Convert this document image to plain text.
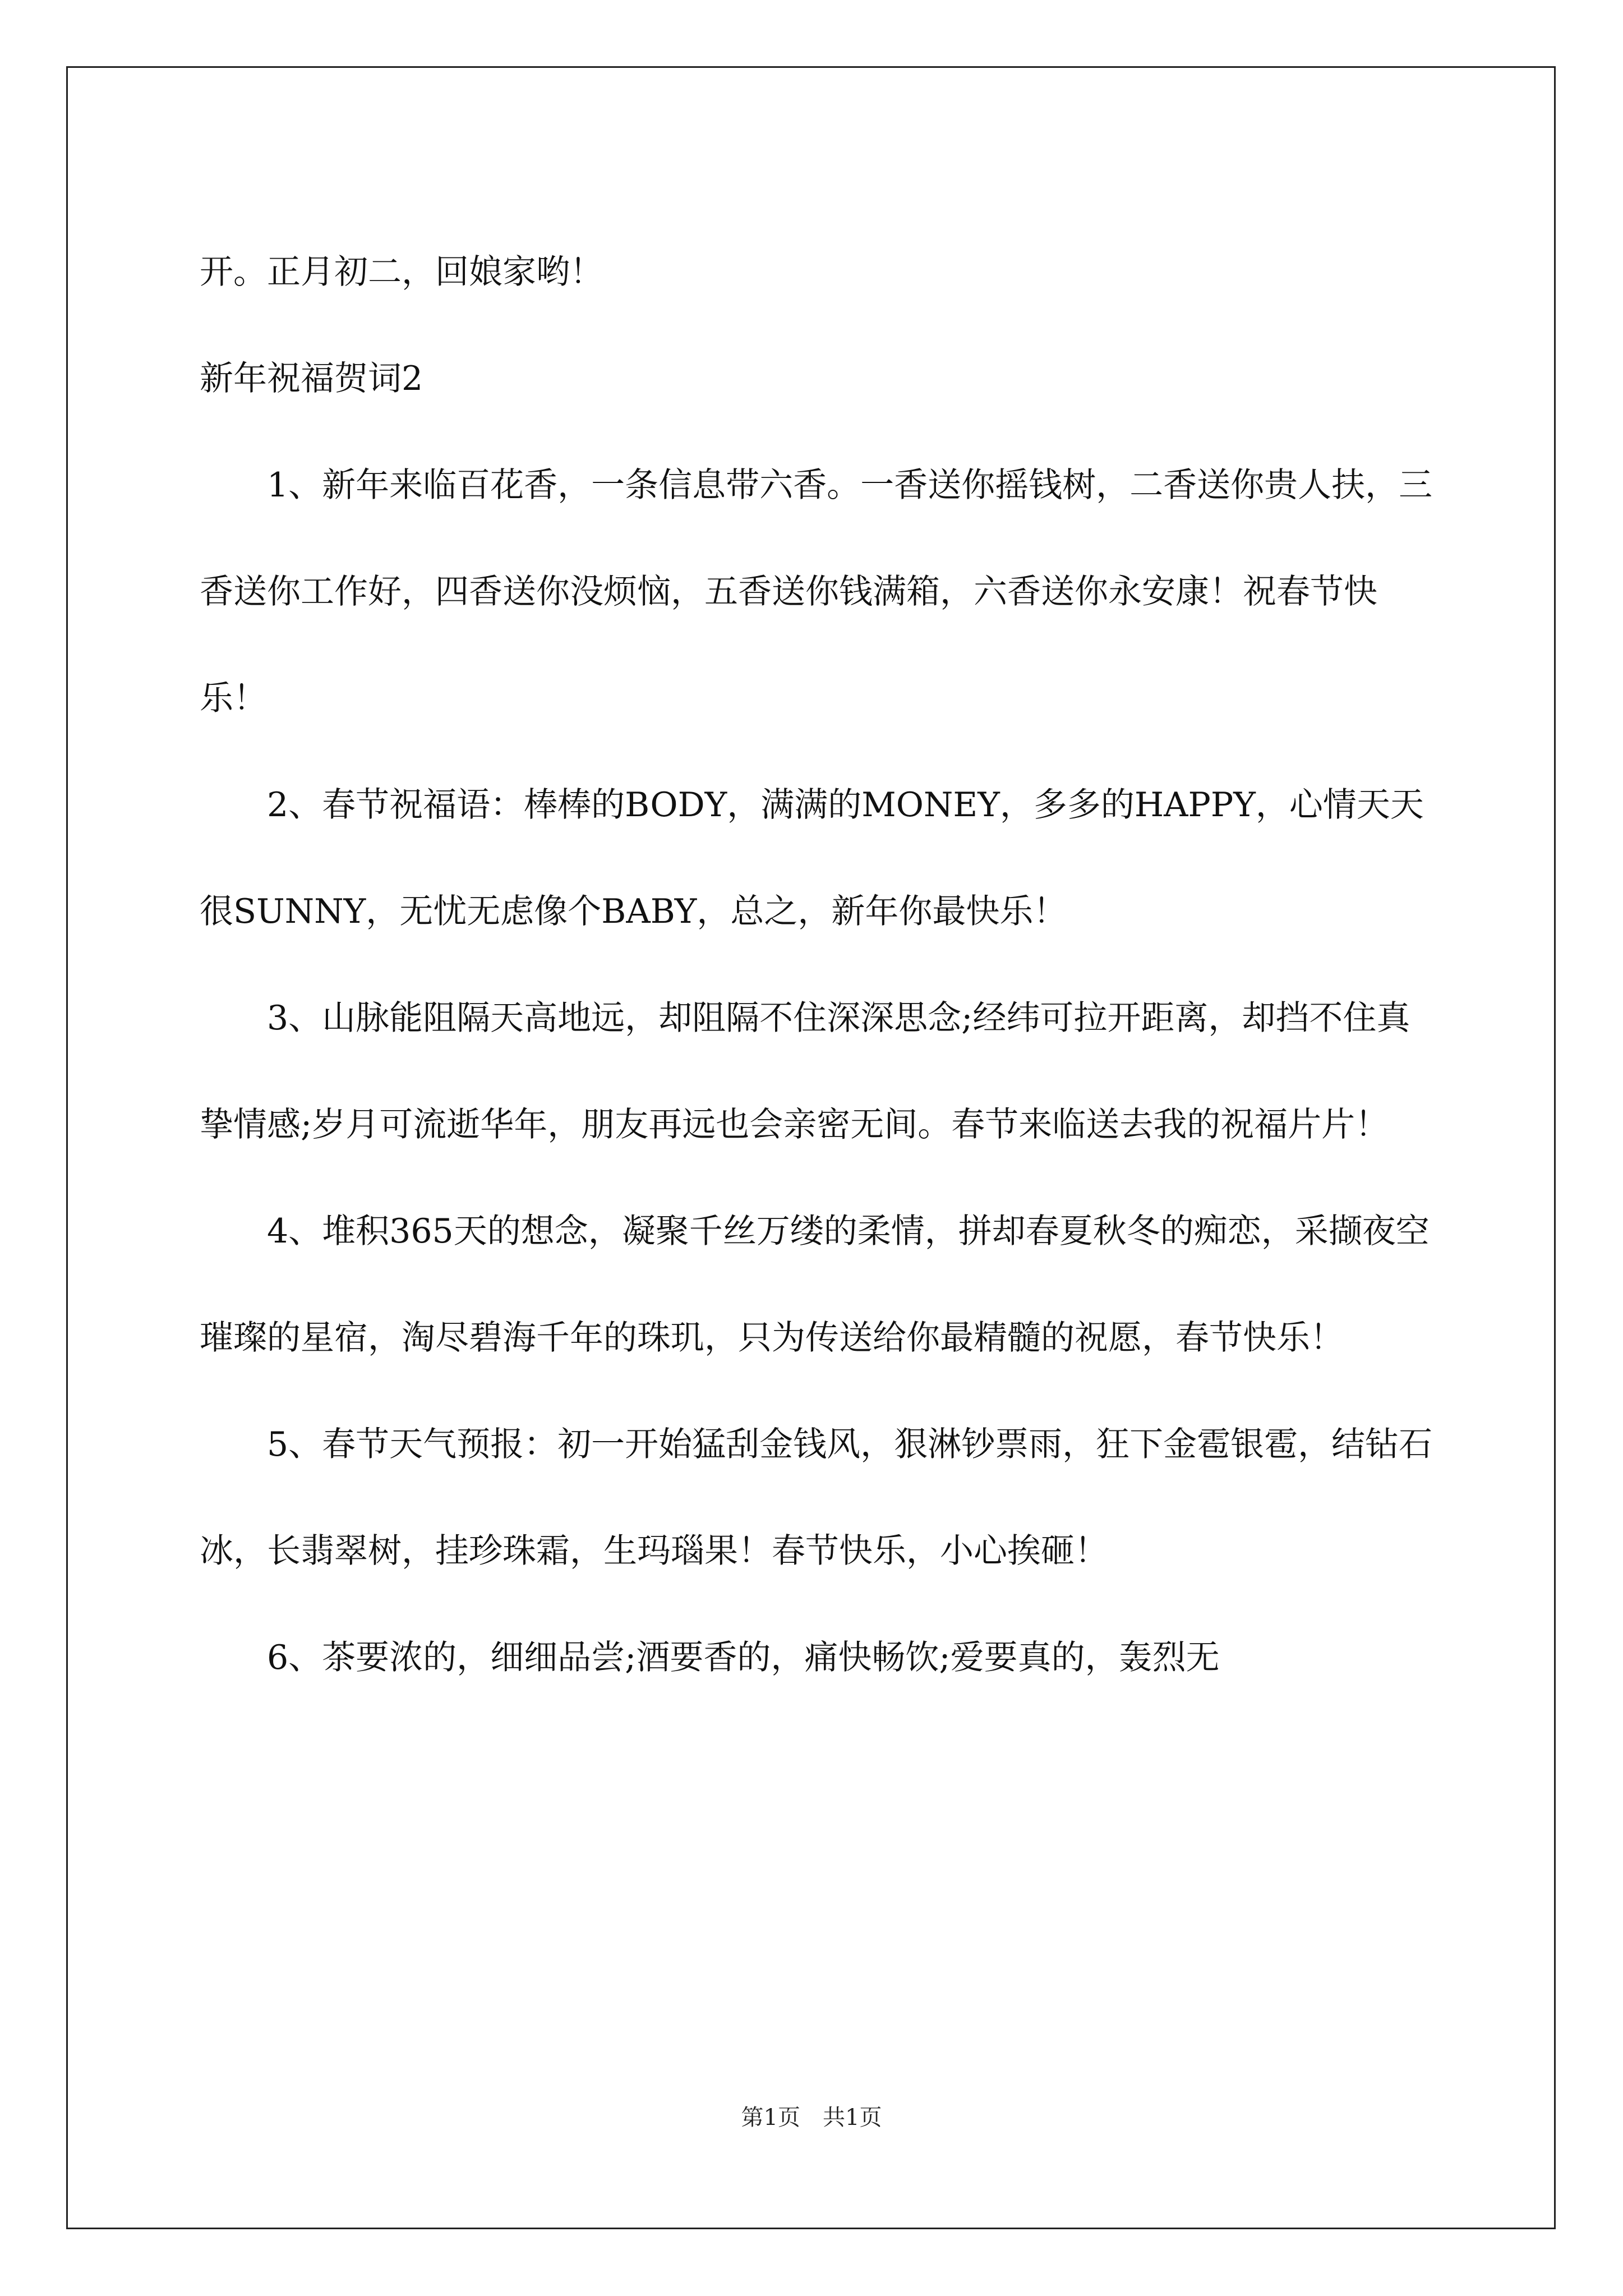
开。正月初二，回娘家哟！

新年祝福贺词2

1、新年来临百花香，一条信息带六香。一香送你摇钱树，二香送你贵人扶，三香送你工作好，四香送你没烦恼，五香送你钱满箱，六香送你永安康！祝春节快乐！

2、春节祝福语：棒棒的BODY，满满的MONEY，多多的HAPPY，心情天天很SUNNY，无忧无虑像个BABY，总之，新年你最快乐！

3、山脉能阻隔天高地远，却阻隔不住深深思念;经纬可拉开距离，却挡不住真挚情感;岁月可流逝华年，朋友再远也会亲密无间。春节来临送去我的祝福片片！

4、堆积365天的想念，凝聚千丝万缕的柔情，拼却春夏秋冬的痴恋，采撷夜空璀璨的星宿，淘尽碧海千年的珠玑，只为传送给你最精髓的祝愿，春节快乐！

5、春节天气预报：初一开始猛刮金钱风，狠淋钞票雨，狂下金雹银雹，结钻石冰，长翡翠树，挂珍珠霜，生玛瑙果！春节快乐，小心挨砸！

6、茶要浓的，细细品尝;酒要香的，痛快畅饮;爱要真的，轰烈无

第1页　共1页
